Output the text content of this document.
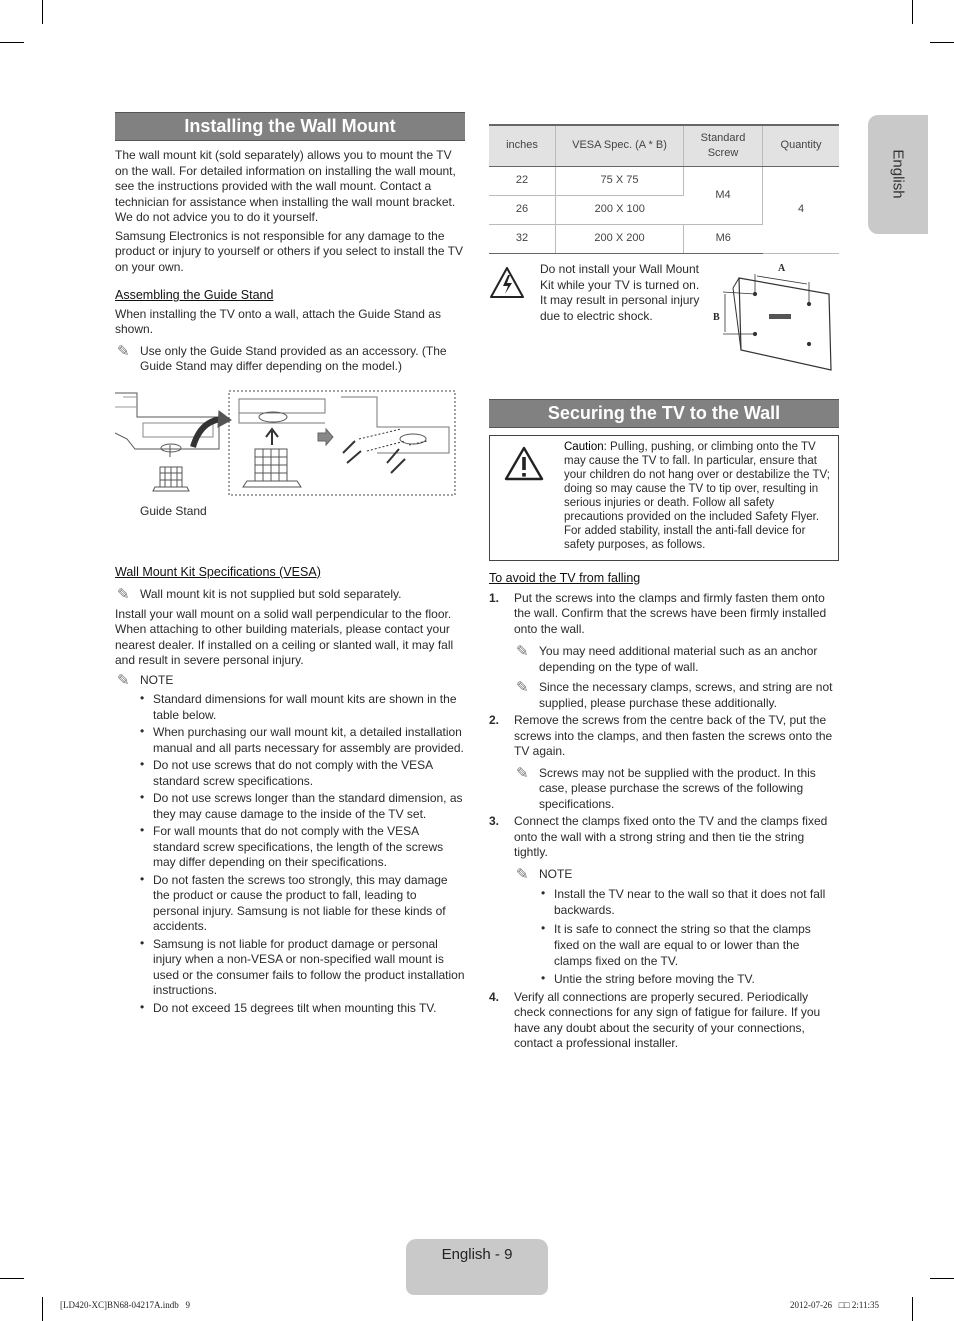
English
Installing the Wall Mount

The wall mount kit (sold separately) allows you to mount the TV on the wall. For detailed information on installing the wall mount, see the instructions provided with the wall mount. Contact a technician for assistance when installing the wall mount bracket. We do not advice you to do it yourself.

Samsung Electronics is not responsible for any damage to the product or injury to yourself or others if you select to install the TV on your own.

Assembling the Guide Stand

When installing the TV onto a wall, attach the Guide Stand as shown.

✎ Use only the Guide Stand provided as an accessory. (The Guide Stand may differ depending on the model.)
Guide Stand
Wall Mount Kit Specifications (VESA)
✎ Wall mount kit is not supplied but sold separately.

Install your wall mount on a solid wall perpendicular to the floor. When attaching to other building materials, please contact your nearest dealer. If installed on a ceiling or slanted wall, it may fall and result in severe personal injury.

✎ NOTE
• Standard dimensions for wall mount kits are shown in the table below.
• When purchasing our wall mount kit, a detailed installation manual and all parts necessary for assembly are provided.
• Do not use screws that do not comply with the VESA standard screw specifications.
• Do not use screws longer than the standard dimension, as they may cause damage to the inside of the TV set.
• For wall mounts that do not comply with the VESA standard screw specifications, the length of the screws may differ depending on their specifications.
• Do not fasten the screws too strongly, this may damage the product or cause the product to fall, leading to personal injury. Samsung is not liable for these kinds of accidents.
• Samsung is not liable for product damage or personal injury when a non-VESA or non-specified wall mount is used or the consumer fails to follow the product installation instructions.
• Do not exceed 15 degrees tilt when mounting this TV.
inches	VESA Spec. (A * B)	Standard Screw	Quantity
22	75 X 75	M4	4
26	200 X 100		
32	200 X 200	M6	
Do not install your Wall Mount Kit while your TV is turned on. It may result in personal injury due to electric shock.
A
B
Securing the TV to the Wall
Caution: Pulling, pushing, or climbing onto the TV may cause the TV to fall. In particular, ensure that your children do not hang over or destabilize the TV; doing so may cause the TV to tip over, resulting in serious injuries or death. Follow all safety precautions provided on the included Safety Flyer. For added stability, install the anti-fall device for safety purposes, as follows.
To avoid the TV from falling
1. Put the screws into the clamps and firmly fasten them onto the wall. Confirm that the screws have been firmly installed onto the wall.
✎ You may need additional material such as an anchor depending on the type of wall.
✎ Since the necessary clamps, screws, and string are not supplied, please purchase these additionally.
2. Remove the screws from the centre back of the TV, put the screws into the clamps, and then fasten the screws onto the TV again.
✎ Screws may not be supplied with the product. In this case, please purchase the screws of the following specifications.
3. Connect the clamps fixed onto the TV and the clamps fixed onto the wall with a strong string and then tie the string tightly.
✎ NOTE
• Install the TV near to the wall so that it does not fall backwards.
• It is safe to connect the string so that the clamps fixed on the wall are equal to or lower than the clamps fixed on the TV.
• Untie the string before moving the TV.
4. Verify all connections are properly secured. Periodically check connections for any sign of fatigue for failure. If you have any doubt about the security of your connections, contact a professional installer.
English - 9
[LD420-XC]BN68-04217A.indb   9	2012-07-26   □□ 2:11:35
